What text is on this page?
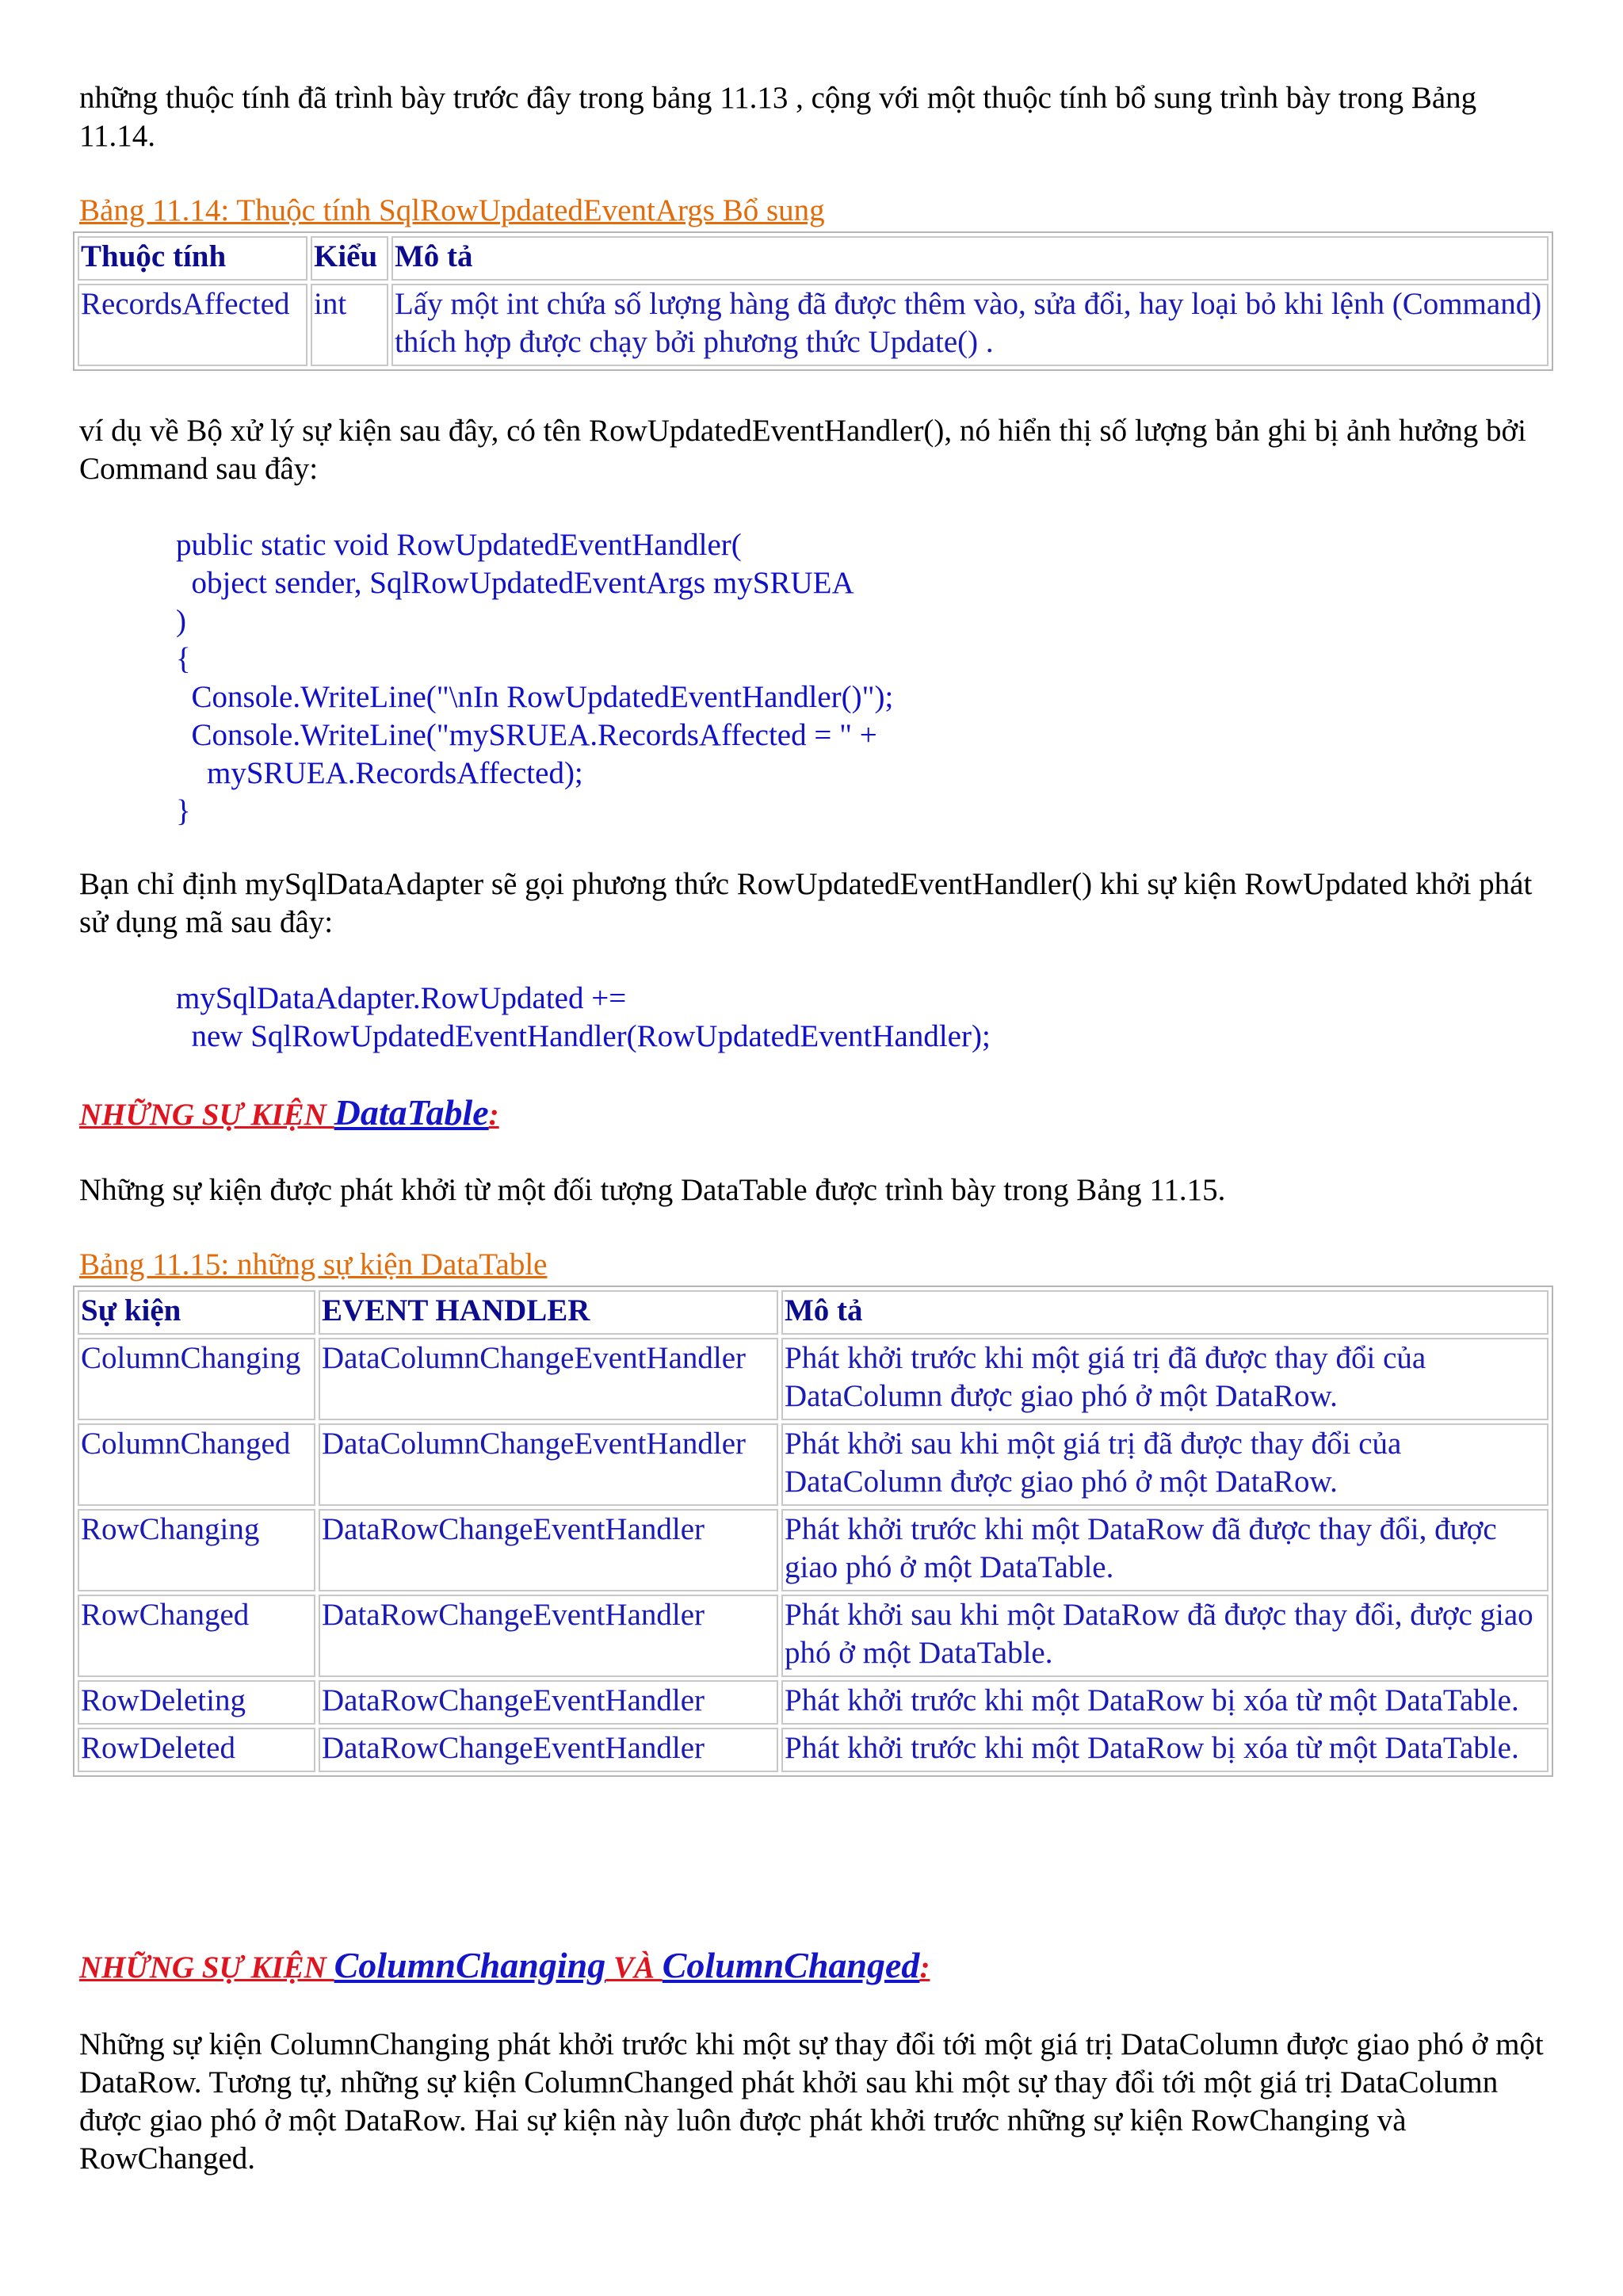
những thuộc tính đã trình bày trước đây trong bảng 11.13 , cộng với một thuộc tính bổ sung trình bày trong Bảng 11.14.

Bảng 11.14: Thuộc tính SqlRowUpdatedEventArgs Bổ sung

Thuộc tính	Kiểu	Mô tả
RecordsAffected	int	Lấy một int chứa số lượng hàng đã được thêm vào, sửa đổi, hay loại bỏ khi lệnh (Command) thích hợp được chạy bởi phương thức Update() .

ví dụ về Bộ xử lý sự kiện sau đây, có tên RowUpdatedEventHandler(), nó hiển thị số lượng bản ghi bị ảnh hưởng bởi Command sau đây:

public static void RowUpdatedEventHandler(
object sender, SqlRowUpdatedEventArgs mySRUEA
)
{
Console.WriteLine("\nIn RowUpdatedEventHandler()");
Console.WriteLine("mySRUEA.RecordsAffected = " +
mySRUEA.RecordsAffected);
}

Bạn chỉ định mySqlDataAdapter sẽ gọi phương thức RowUpdatedEventHandler() khi sự kiện RowUpdated khởi phát sử dụng mã sau đây:

mySqlDataAdapter.RowUpdated +=
new SqlRowUpdatedEventHandler(RowUpdatedEventHandler);
NHỮNG SỰ KIỆN DataTable:

Những sự kiện được phát khởi từ một đối tượng DataTable được trình bày trong Bảng 11.15.

Bảng 11.15: những sự kiện DataTable

Sự kiện	EVENT HANDLER	Mô tả
ColumnChanging	DataColumnChangeEventHandler	Phát khởi trước khi một giá trị đã được thay đổi của DataColumn được giao phó ở một DataRow.
ColumnChanged	DataColumnChangeEventHandler	Phát khởi sau khi một giá trị đã được thay đổi của DataColumn được giao phó ở một DataRow.
RowChanging	DataRowChangeEventHandler	Phát khởi trước khi một DataRow đã được thay đổi, được giao phó ở một DataTable.
RowChanged	DataRowChangeEventHandler	Phát khởi sau khi một DataRow đã được thay đổi, được giao phó ở một DataTable.
RowDeleting	DataRowChangeEventHandler	Phát khởi trước khi một DataRow bị xóa từ một DataTable.
RowDeleted	DataRowChangeEventHandler	Phát khởi trước khi một DataRow bị xóa từ một DataTable.
NHỮNG SỰ KIỆN ColumnChanging VÀ ColumnChanged:

Những sự kiện ColumnChanging phát khởi trước khi một sự thay đổi tới một giá trị DataColumn được giao phó ở một DataRow. Tương tự, những sự kiện ColumnChanged phát khởi sau khi một sự thay đổi tới một giá trị DataColumn được giao phó ở một DataRow. Hai sự kiện này luôn được phát khởi trước những sự kiện RowChanging và RowChanged.
